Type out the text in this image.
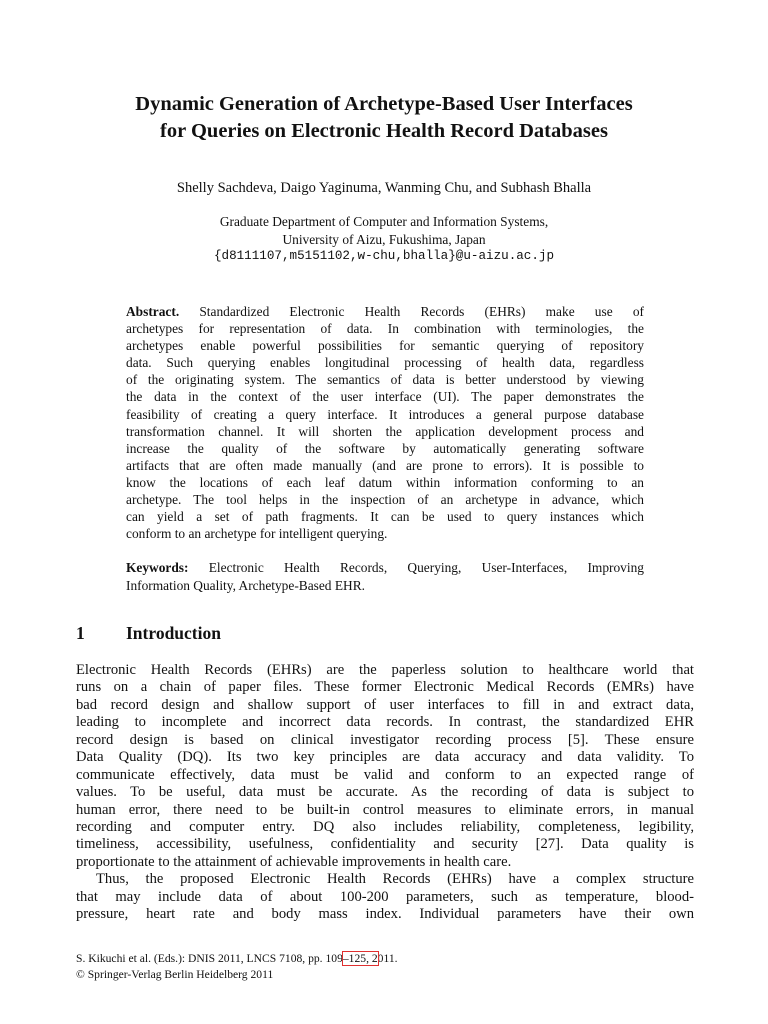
Dynamic Generation of Archetype-Based User Interfaces
for Queries on Electronic Health Record Databases
Shelly Sachdeva, Daigo Yaginuma, Wanming Chu, and Subhash Bhalla
Graduate Department of Computer and Information Systems,
University of Aizu, Fukushima, Japan
{d8111107,m5151102,w-chu,bhalla}@u-aizu.ac.jp
Abstract. Standardized Electronic Health Records (EHRs) make use of
archetypes for representation of data. In combination with terminologies, the
archetypes enable powerful possibilities for semantic querying of repository
data. Such querying enables longitudinal processing of health data, regardless
of the originating system. The semantics of data is better understood by viewing
the data in the context of the user interface (UI). The paper demonstrates the
feasibility of creating a query interface. It introduces a general purpose database
transformation channel. It will shorten the application development process and
increase the quality of the software by automatically generating software
artifacts that are often made manually (and are prone to errors). It is possible to
know the locations of each leaf datum within information conforming to an
archetype. The tool helps in the inspection of an archetype in advance, which
can yield a set of path fragments. It can be used to query instances which
conform to an archetype for intelligent querying.
Keywords: Electronic Health Records, Querying, User-Interfaces, Improving
Information Quality, Archetype-Based EHR.
1 Introduction
Electronic Health Records (EHRs) are the paperless solution to healthcare world that
runs on a chain of paper files. These former Electronic Medical Records (EMRs) have
bad record design and shallow support of user interfaces to fill in and extract data,
leading to incomplete and incorrect data records. In contrast, the standardized EHR
record design is based on clinical investigator recording process [5]. These ensure
Data Quality (DQ). Its two key principles are data accuracy and data validity. To
communicate effectively, data must be valid and conform to an expected range of
values. To be useful, data must be accurate. As the recording of data is subject to
human error, there need to be built-in control measures to eliminate errors, in manual
recording and computer entry. DQ also includes reliability, completeness, legibility,
timeliness, accessibility, usefulness, confidentiality and security [27]. Data quality is
proportionate to the attainment of achievable improvements in health care.
Thus, the proposed Electronic Health Records (EHRs) have a complex structure
that may include data of about 100-200 parameters, such as temperature, blood-
pressure, heart rate and body mass index. Individual parameters have their own
S. Kikuchi et al. (Eds.): DNIS 2011, LNCS 7108, pp. 109–125, 2011.
© Springer-Verlag Berlin Heidelberg 2011
